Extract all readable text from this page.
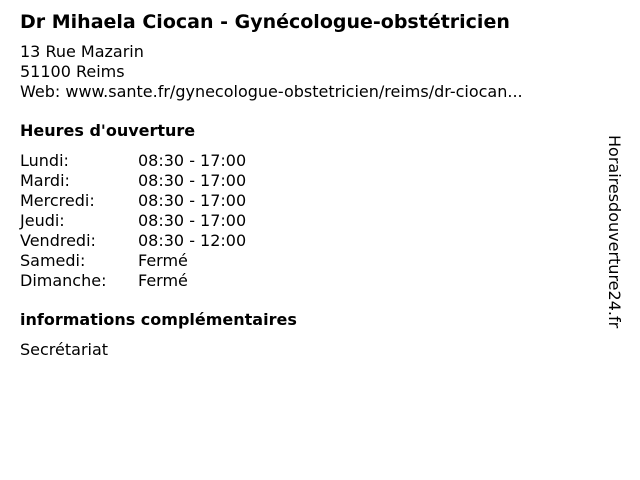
Dr Mihaela Ciocan - Gynécologue-obstétricien
13 Rue Mazarin
51100 Reims
Web: www.sante.fr/gynecologue-obstetricien/reims/dr-ciocan...
Heures d'ouverture
Lundi:	08:30 - 17:00
Mardi:	08:30 - 17:00
Mercredi:	08:30 - 17:00
Jeudi:	08:30 - 17:00
Vendredi:	08:30 - 12:00
Samedi:	Fermé
Dimanche:	Fermé
informations complémentaires
Secrétariat
Horairesdouverture24.fr
